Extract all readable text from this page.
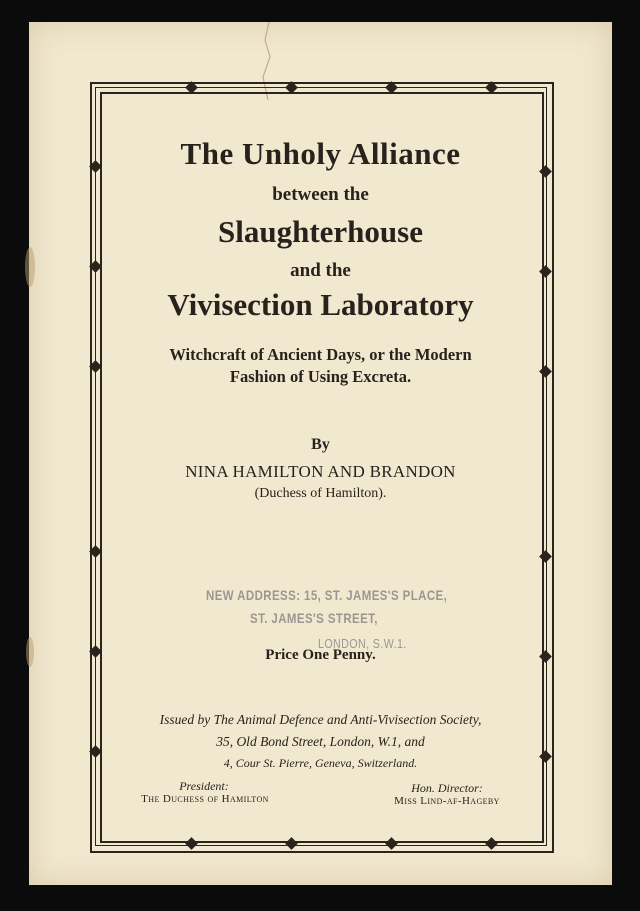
The Unholy Alliance
between the
Slaughterhouse
and the
Vivisection Laboratory
Witchcraft of Ancient Days, or the Modern
Fashion of Using Excreta.
By
NINA HAMILTON AND BRANDON
(Duchess of Hamilton).
NEW ADDRESS: 15, ST. JAMES'S PLACE,
ST. JAMES'S STREET,
LONDON, S.W.1.
Price One Penny.
Issued by The Animal Defence and Anti-Vivisection Society,
35, Old Bond Street, London, W.1, and
4, Cour St. Pierre, Geneva, Switzerland.
President:
The Duchess of Hamilton
Hon. Director:
Miss Lind-af-Hageby
